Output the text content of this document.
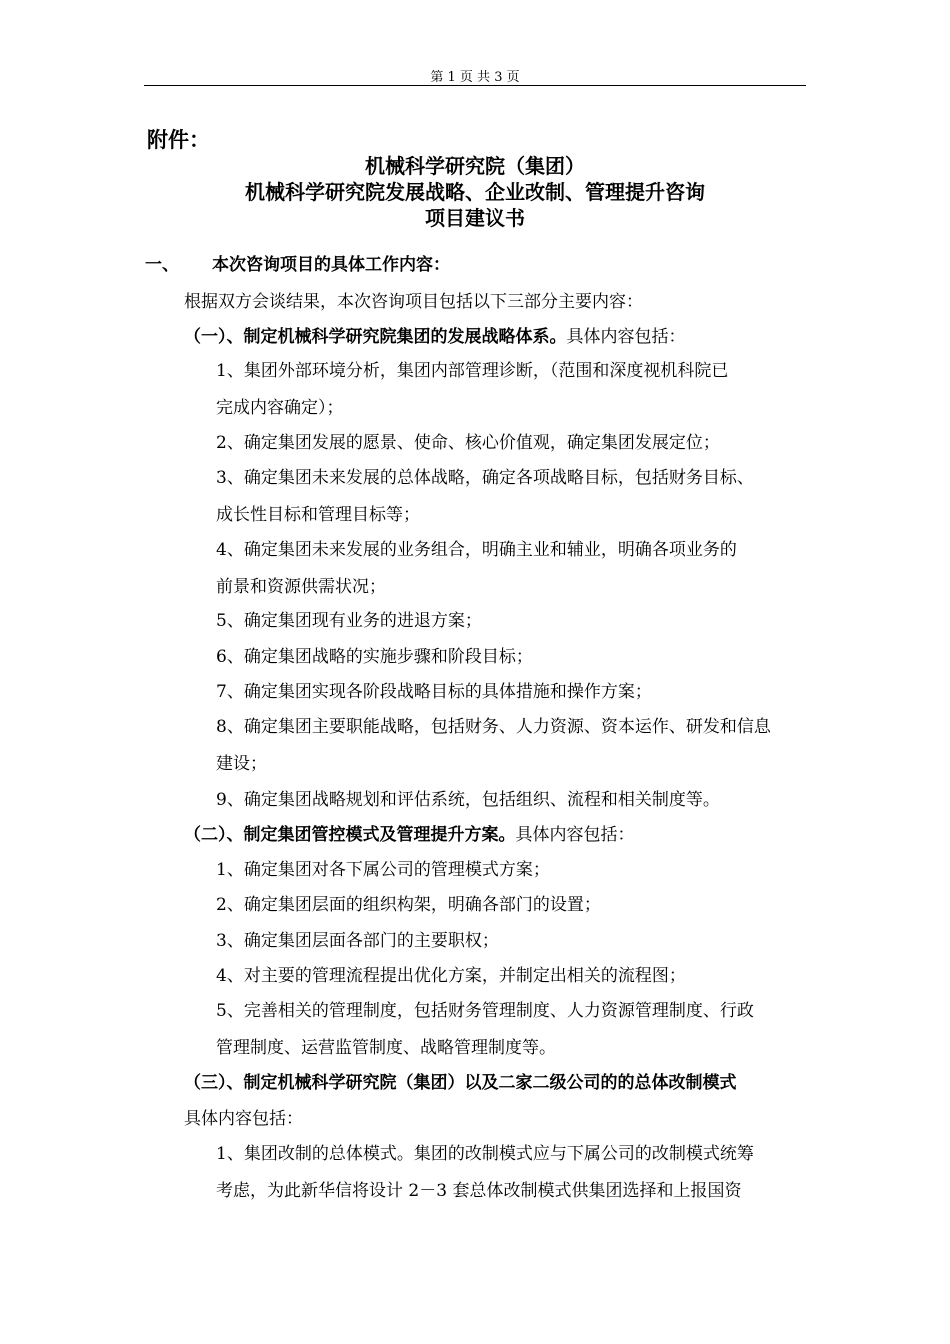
第 1 页 共 3 页
附件：
机械科学研究院（集团）
机械科学研究院发展战略、企业改制、管理提升咨询
项目建议书
一、 本次咨询项目的具体工作内容：
根据双方会谈结果，本次咨询项目包括以下三部分主要内容：
（一）、制定机械科学研究院集团的发展战略体系。具体内容包括：
1、集团外部环境分析，集团内部管理诊断，（范围和深度视机科院已
完成内容确定）；
2、确定集团发展的愿景、使命、核心价值观，确定集团发展定位；
3、确定集团未来发展的总体战略，确定各项战略目标，包括财务目标、
成长性目标和管理目标等；
4、确定集团未来发展的业务组合，明确主业和辅业，明确各项业务的
前景和资源供需状况；
5、确定集团现有业务的进退方案；
6、确定集团战略的实施步骤和阶段目标；
7、确定集团实现各阶段战略目标的具体措施和操作方案；
8、确定集团主要职能战略，包括财务、人力资源、资本运作、研发和信息
建设；
9、确定集团战略规划和评估系统，包括组织、流程和相关制度等。
（二）、制定集团管控模式及管理提升方案。具体内容包括：
1、确定集团对各下属公司的管理模式方案；
2、确定集团层面的组织构架，明确各部门的设置；
3、确定集团层面各部门的主要职权；
4、对主要的管理流程提出优化方案，并制定出相关的流程图；
5、完善相关的管理制度，包括财务管理制度、人力资源管理制度、行政
管理制度、运营监管制度、战略管理制度等。
（三）、制定机械科学研究院（集团）以及二家二级公司的的总体改制模式
具体内容包括：
1、集团改制的总体模式。集团的改制模式应与下属公司的改制模式统筹
考虑，为此新华信将设计 2－3 套总体改制模式供集团选择和上报国资
